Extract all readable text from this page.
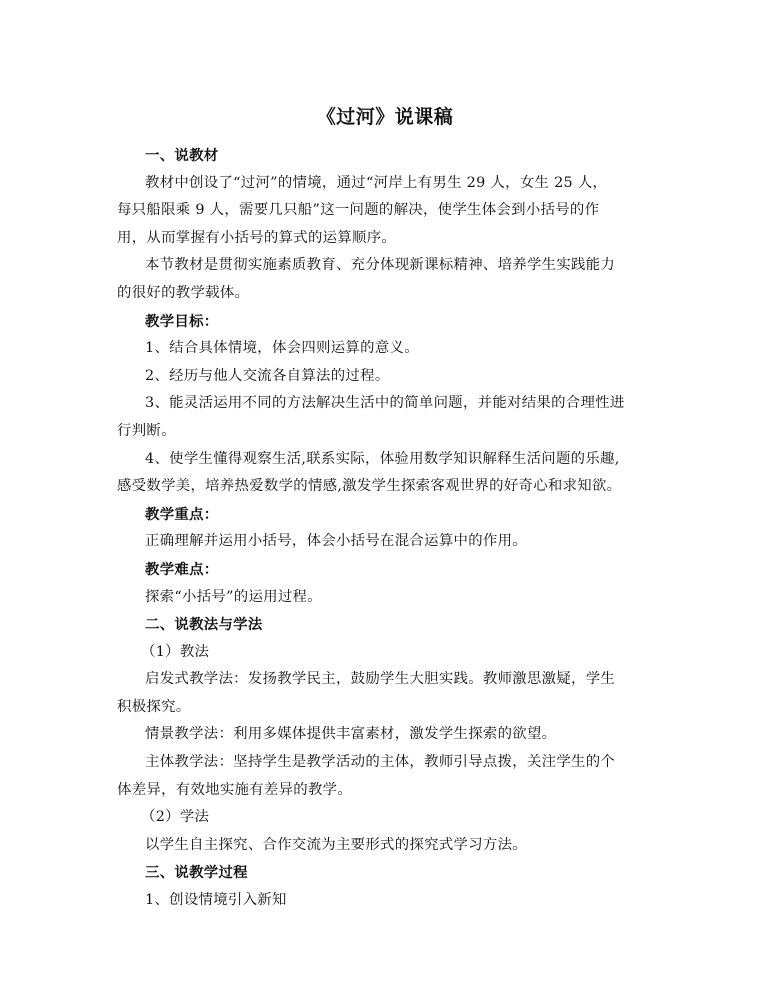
《过河》说课稿

一、说教材

教材中创设了“过河”的情境，通过“河岸上有男生 29 人，女生 25 人，
每只船限乘 9 人，需要几只船”这一问题的解决，使学生体会到小括号的作
用，从而掌握有小括号的算式的运算顺序。

本节教材是贯彻实施素质教育、充分体现新课标精神、培养学生实践能力
的很好的教学载体。

教学目标：

1、结合具体情境，体会四则运算的意义。

2、经历与他人交流各自算法的过程。

3、能灵活运用不同的方法解决生活中的简单问题，并能对结果的合理性进
行判断。

4、使学生懂得观察生活,联系实际，体验用数学知识解释生活问题的乐趣,
感受数学美，培养热爱数学的情感,激发学生探索客观世界的好奇心和求知欲。

教学重点：

正确理解并运用小括号，体会小括号在混合运算中的作用。

教学难点：

探索“小括号”的运用过程。

二、说教法与学法

（1）教法

启发式教学法：发扬教学民主，鼓励学生大胆实践。教师激思激疑，学生
积极探究。

情景教学法：利用多媒体提供丰富素材，激发学生探索的欲望。

主体教学法：坚持学生是教学活动的主体，教师引导点拨，关注学生的个
体差异，有效地实施有差异的教学。

（2）学法

以学生自主探究、合作交流为主要形式的探究式学习方法。

三、说教学过程

1、创设情境引入新知
